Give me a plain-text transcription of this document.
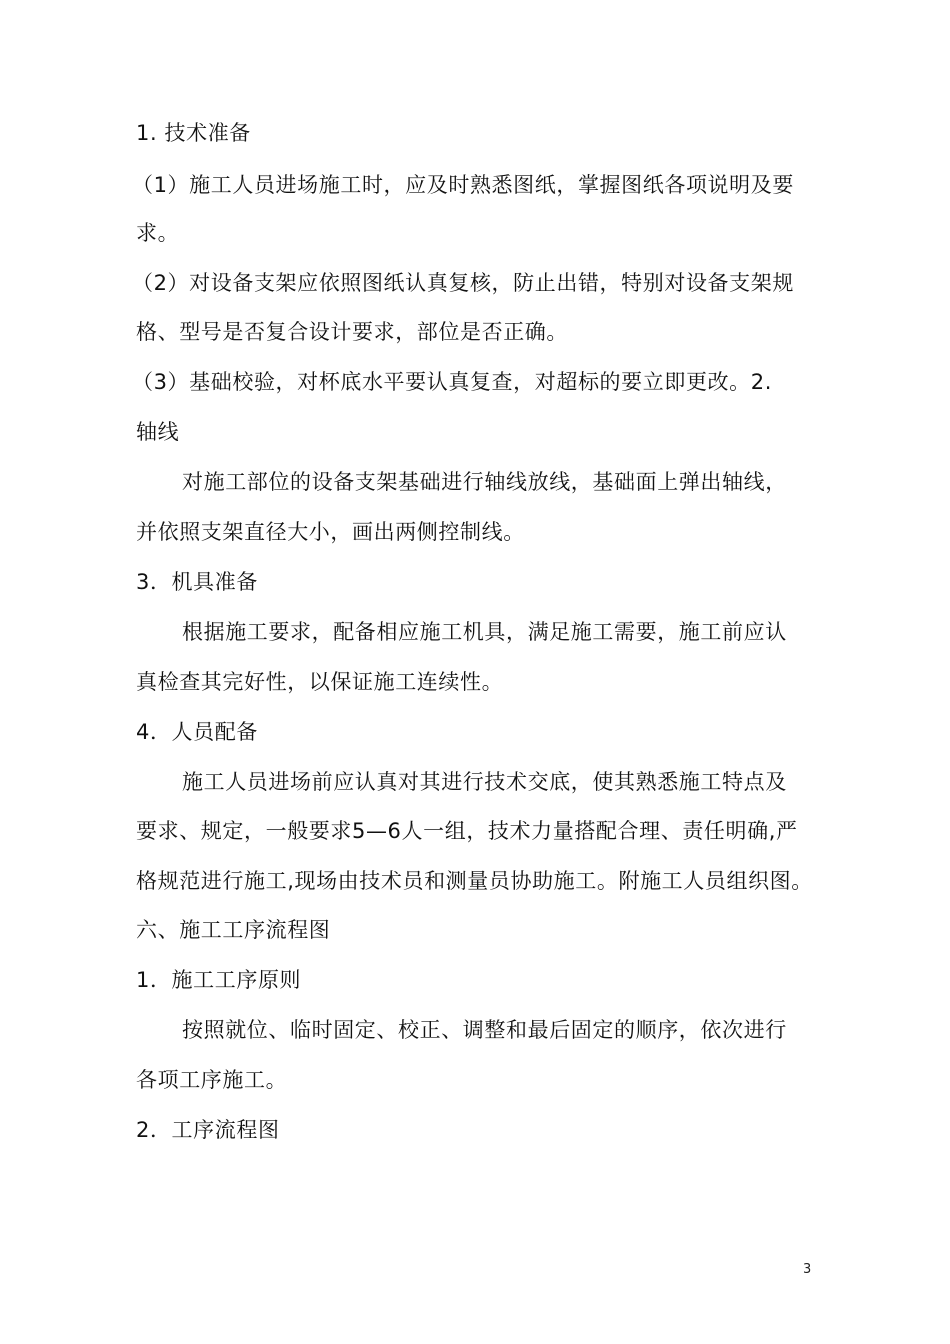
1. 技术准备
（1）施工人员进场施工时，应及时熟悉图纸，掌握图纸各项说明及要
求。
（2）对设备支架应依照图纸认真复核，防止出错，特别对设备支架规
格、型号是否复合设计要求，部位是否正确。
（3）基础校验，对杯底水平要认真复查，对超标的要立即更改。2.
轴线
对施工部位的设备支架基础进行轴线放线，基础面上弹出轴线，
并依照支架直径大小，画出两侧控制线。
3．机具准备
根据施工要求，配备相应施工机具，满足施工需要，施工前应认
真检查其完好性，以保证施工连续性。
4．人员配备
施工人员进场前应认真对其进行技术交底，使其熟悉施工特点及
要求、规定，一般要求5—6人一组，技术力量搭配合理、责任明确,严
格规范进行施工,现场由技术员和测量员协助施工。附施工人员组织图。
六、施工工序流程图
1．施工工序原则
按照就位、临时固定、校正、调整和最后固定的顺序，依次进行
各项工序施工。
2．工序流程图
3
